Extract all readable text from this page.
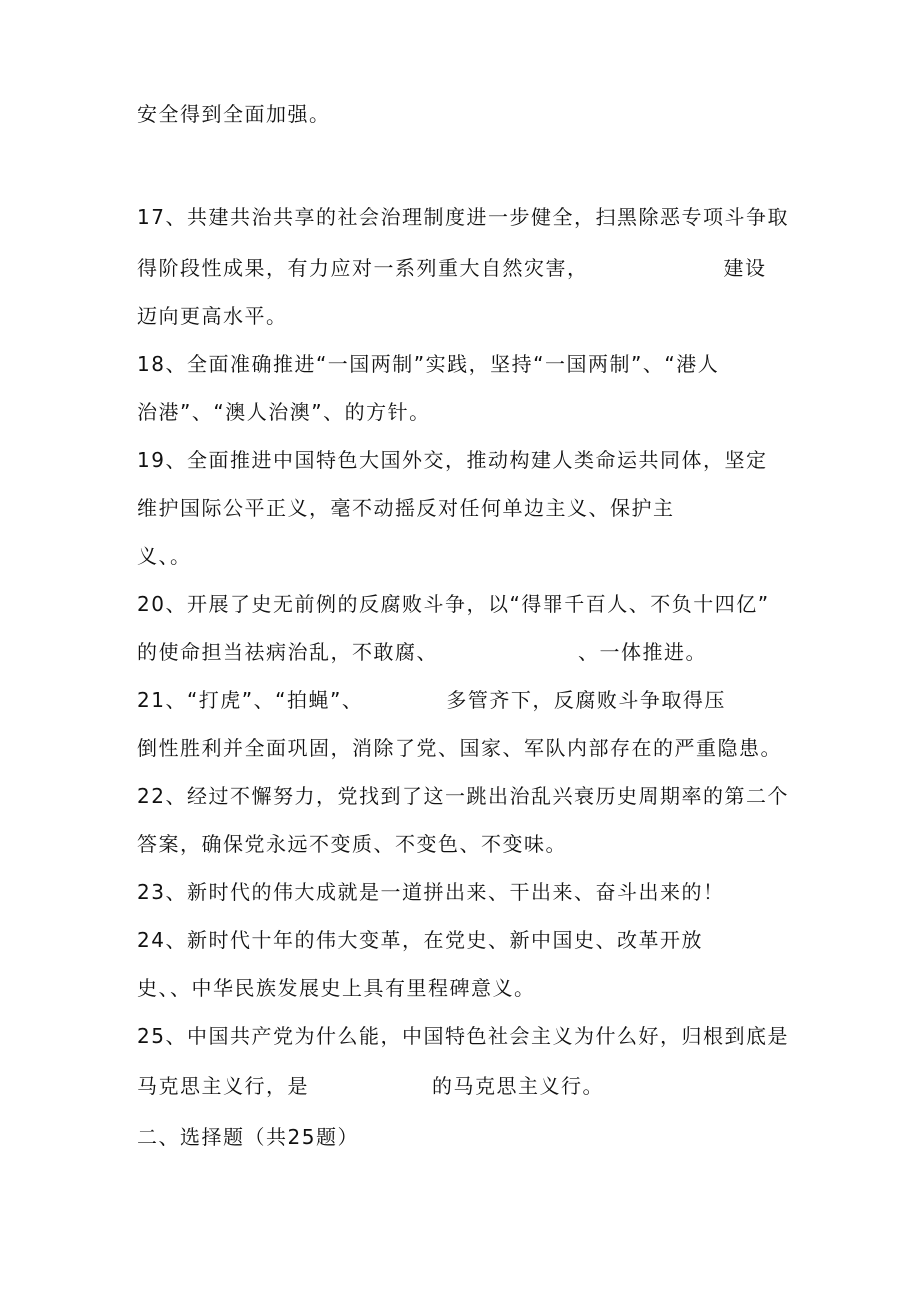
安全得到全面加强。
17、共建共治共享的社会治理制度进一步健全，扫黑除恶专项斗争取
得阶段性成果，有力应对一系列重大自然灾害，	建设
迈向更高水平。
18、全面准确推进“一国两制”实践，坚持“一国两制”、“港人
治港”、“澳人治澳”、的方针。
19、全面推进中国特色大国外交，推动构建人类命运共同体，坚定
维护国际公平正义，毫不动摇反对任何单边主义、保护主
义、。
20、开展了史无前例的反腐败斗争，以“得罪千百人、不负十四亿”
的使命担当祛病治乱，不敢腐、	、一体推进。
21、“打虎”、“拍蝇”、	多管齐下，反腐败斗争取得压
倒性胜利并全面巩固，消除了党、国家、军队内部存在的严重隐患。
22、经过不懈努力，党找到了这一跳出治乱兴衰历史周期率的第二个
答案，确保党永远不变质、不变色、不变味。
23、新时代的伟大成就是一道拼出来、干出来、奋斗出来的！
24、新时代十年的伟大变革，在党史、新中国史、改革开放
史、、中华民族发展史上具有里程碑意义。
25、中国共产党为什么能，中国特色社会主义为什么好，归根到底是
马克思主义行，是	的马克思主义行。
二、选择题（共25题）
